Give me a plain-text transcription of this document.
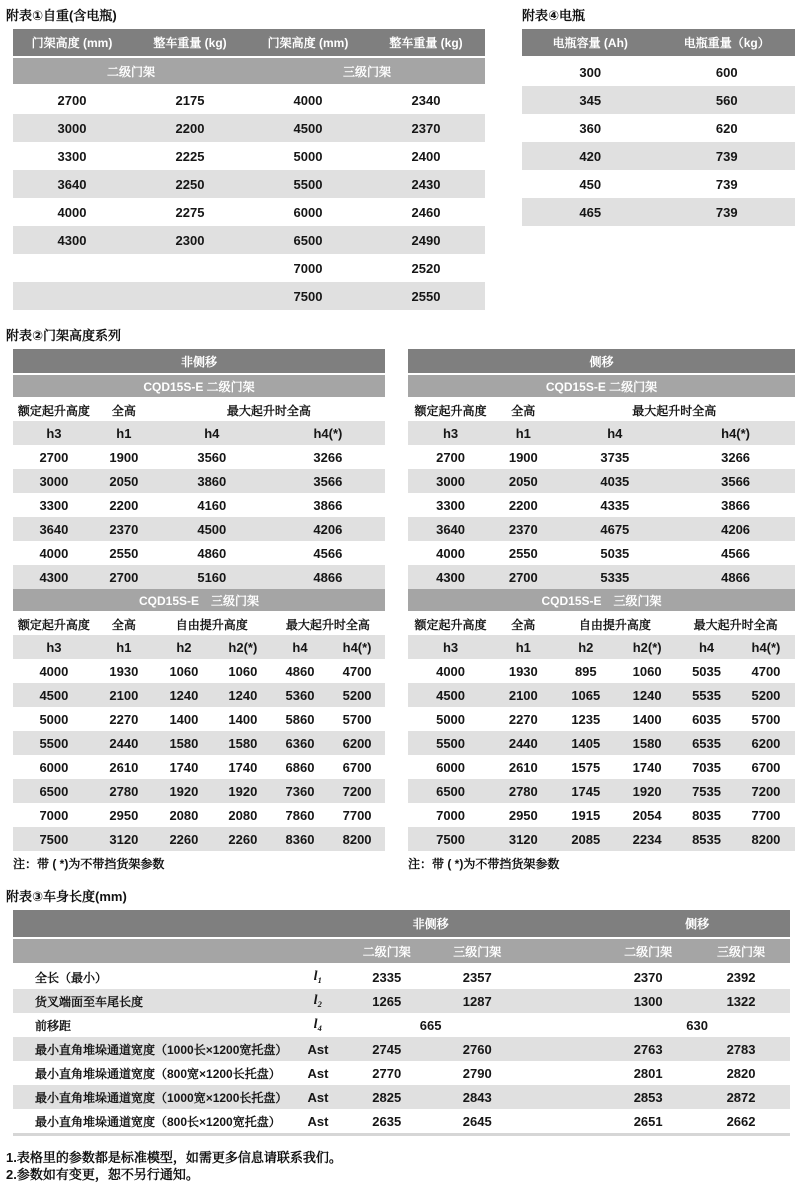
附表①自重(含电瓶)
门架高度 (mm)	整车重量 (kg)	门架高度 (mm)	整车重量 (kg)
二级门架		三级门架	
2700	2175	4000	2340
3000	2200	4500	2370
3300	2225	5000	2400
3640	2250	5500	2430
4000	2275	6000	2460
4300	2300	6500	2490
		7000	2520
		7500	2550
附表④电瓶
电瓶容量 (Ah)	电瓶重量（kg）
300	600
345	560
360	620
420	739
450	739
465	739
附表②门架高度系列
非侧移					
CQD15S-E 二级门架					
额定起升高度	全高	最大起升时全高			
h3	h1	h4		h4(*)	
2700	1900	3560		3266	
3000	2050	3860		3566	
3300	2200	4160		3866	
3640	2370	4500		4206	
4000	2550	4860		4566	
4300	2700	5160		4866	
CQD15S-E　三级门架					
额定起升高度	全高	自由提升高度		最大起升时全高	
h3	h1	h2	h2(*)	h4	h4(*)
4000	1930	1060	1060	4860	4700
4500	2100	1240	1240	5360	5200
5000	2270	1400	1400	5860	5700
5500	2440	1580	1580	6360	6200
6000	2610	1740	1740	6860	6700
6500	2780	1920	1920	7360	7200
7000	2950	2080	2080	7860	7700
7500	3120	2260	2260	8360	8200
注：带 ( *)为不带挡货架参数
侧移					
CQD15S-E 二级门架					
额定起升高度	全高	最大起升时全高			
h3	h1	h4		h4(*)	
2700	1900	3735		3266	
3000	2050	4035		3566	
3300	2200	4335		3866	
3640	2370	4675		4206	
4000	2550	5035		4566	
4300	2700	5335		4866	
CQD15S-E　三级门架					
额定起升高度	全高	自由提升高度		最大起升时全高	
h3	h1	h2	h2(*)	h4	h4(*)
4000	1930	895	1060	5035	4700
4500	2100	1065	1240	5535	5200
5000	2270	1235	1400	6035	5700
5500	2440	1405	1580	6535	6200
6000	2610	1575	1740	7035	6700
6500	2780	1745	1920	7535	7200
7000	2950	1915	2054	8035	7700
7500	3120	2085	2234	8535	8200
注：带 ( *)为不带挡货架参数
附表③车身长度(mm)
		非侧移			侧移	
		二级门架	三级门架		二级门架	三级门架
全长（最小）	l₁	2335	2357		2370	2392
货叉端面至车尾长度	l₂	1265	1287		1300	1322
前移距	l₄	665			630	
最小直角堆垛通道宽度（1000长×1200宽托盘）	Ast	2745	2760		2763	2783
最小直角堆垛通道宽度（800宽×1200长托盘）	Ast	2770	2790		2801	2820
最小直角堆垛通道宽度（1000宽×1200长托盘）	Ast	2825	2843		2853	2872
最小直角堆垛通道宽度（800长×1200宽托盘）	Ast	2635	2645		2651	2662
1.表格里的参数都是标准模型，如需更多信息请联系我们。
2.参数如有变更，恕不另行通知。
